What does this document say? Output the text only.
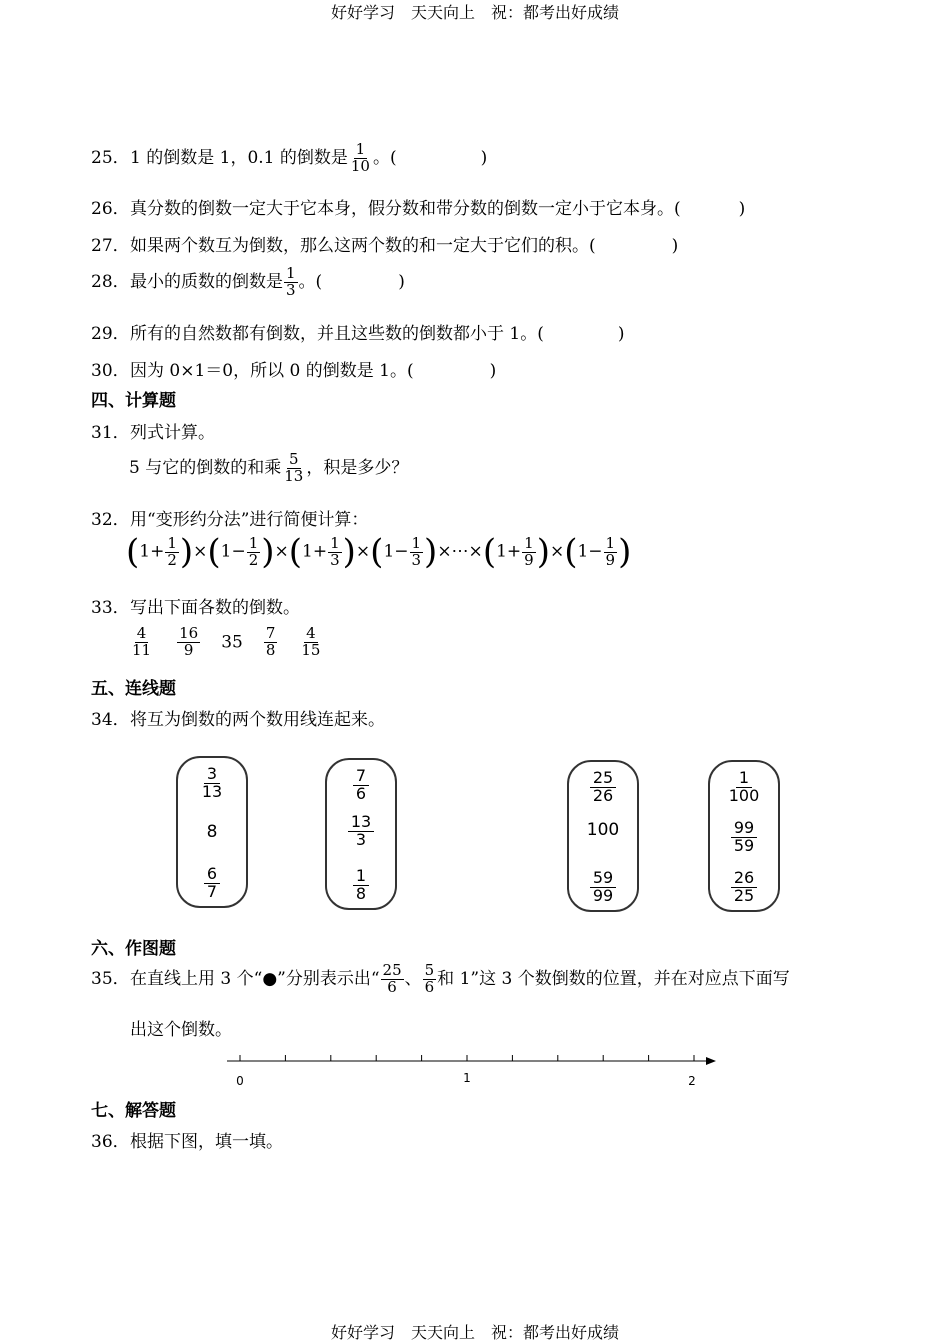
好好学习　天天向上　祝：都考出好成绩
25．1 的倒数是 1，0.1 的倒数是 $\frac{1}{10}$ 。(	)
26．真分数的倒数一定大于它本身，假分数和带分数的倒数一定小于它本身。(	)
27．如果两个数互为倒数，那么这两个数的和一定大于它们的积。(	)
28．最小的质数的倒数是 $\frac{1}{3}$ 。(	)
29．所有的自然数都有倒数，并且这些数的倒数都小于 1。(	)
30．因为 0×1＝0，所以 0 的倒数是 1。(	)
四、计算题
31．列式计算。
5 与它的倒数的和乘 $\frac{5}{13}$ ，积是多少？
32．用“变形约分法”进行简便计算：
$(1+ \frac{1}{2} )\times(1- \frac{1}{2} )\times(1+ \frac{1}{3} )\times(1- \frac{1}{3}$ )×⋯×(1+ $\frac{1}{9} )\times(1- \frac{1}{9}$ )
33．写出下面各数的倒数。
$\frac{4}{11} \frac{16}{9} 35 \frac{7}{8} \frac{4}{15}$
五、连线题
34．将互为倒数的两个数用线连起来。
$\frac{3}{13}$
8
$\frac{6}{7}$
$\frac{7}{6}$
$\frac{13}{3}$
$\frac{1}{8}$
$\frac{25}{26}$
100
$\frac{59}{99}$
$\frac{1}{100}$
$\frac{99}{59}$
$\frac{26}{25}$
六、作图题
35．在直线上用 3 个“●”分别表示出“ $\frac{25}{6}$ 、 $\frac{5}{6}$ 和 1”这 3 个数倒数的位置，并在对应点下面写
出这个倒数。
0	1	2
七、解答题
36．根据下图，填一填。
好好学习　天天向上　祝：都考出好成绩
